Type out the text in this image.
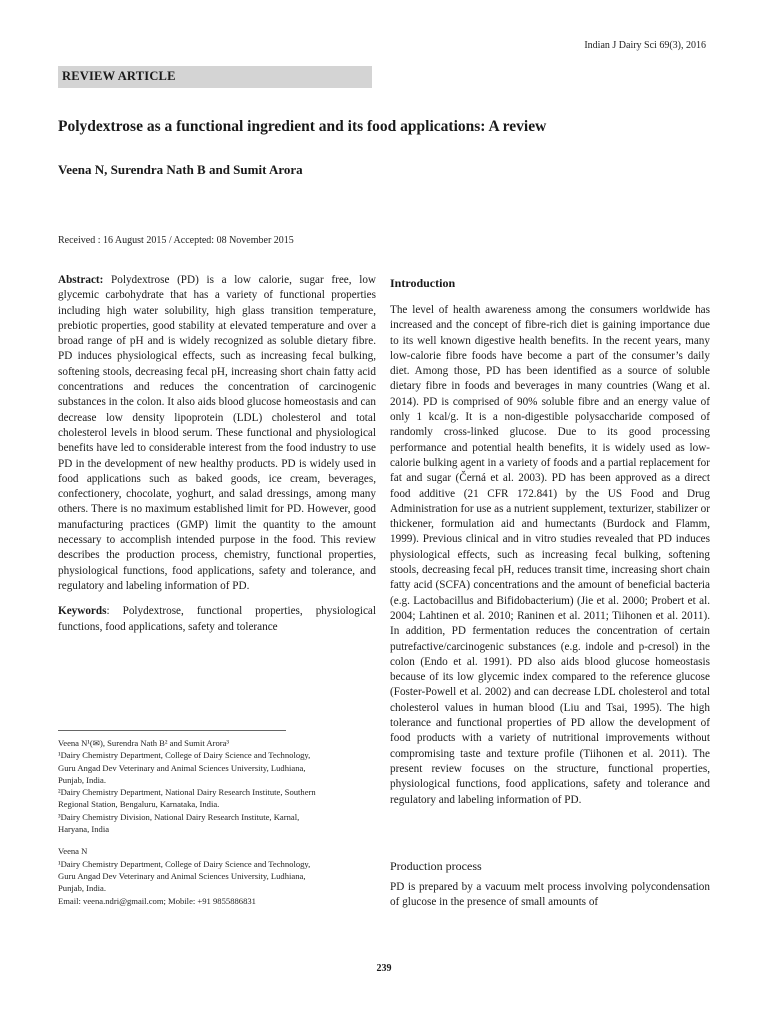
Indian J Dairy Sci 69(3), 2016
REVIEW ARTICLE
Polydextrose as a functional ingredient and its food applications: A review
Veena N, Surendra Nath B and Sumit Arora
Received : 16 August 2015 / Accepted: 08 November 2015
Abstract: Polydextrose (PD) is a low calorie, sugar free, low glycemic carbohydrate that has a variety of functional properties including high water solubility, high glass transition temperature, prebiotic properties, good stability at elevated temperature and over a broad range of pH and is widely recognized as soluble dietary fibre. PD induces physiological effects, such as increasing fecal bulking, softening stools, decreasing fecal pH, increasing short chain fatty acid concentrations and reduces the concentration of carcinogenic substances in the colon. It also aids blood glucose homeostasis and can decrease low density lipoprotein (LDL) cholesterol and total cholesterol levels in blood serum. These functional and physiological benefits have led to considerable interest from the food industry to use PD in the development of new healthy products. PD is widely used in food applications such as baked goods, ice cream, beverages, confectionery, chocolate, yoghurt, and salad dressings, among many others. There is no maximum established limit for PD. However, good manufacturing practices (GMP) limit the quantity to the amount necessary to accomplish intended purpose in the food. This review describes the production process, chemistry, functional properties, physiological functions, food applications, safety and tolerance, and regulatory and labeling information of PD.
Keywords: Polydextrose, functional properties, physiological functions, food applications, safety and tolerance
Veena N¹(✉), Surendra Nath B² and Sumit Arora³
¹Dairy Chemistry Department, College of Dairy Science and Technology,
Guru Angad Dev Veterinary and Animal Sciences University, Ludhiana,
Punjab, India.
²Dairy Chemistry Department, National Dairy Research Institute, Southern
Regional Station, Bengaluru, Karnataka, India.
³Dairy Chemistry Division, National Dairy Research Institute, Karnal,
Haryana, India
Veena N
¹Dairy Chemistry Department, College of Dairy Science and Technology,
Guru Angad Dev Veterinary and Animal Sciences University, Ludhiana,
Punjab, India.
Email: veena.ndri@gmail.com; Mobile: +91 9855886831
Introduction
The level of health awareness among the consumers worldwide has increased and the concept of fibre-rich diet is gaining importance due to its well known digestive health benefits. In the recent years, many low-calorie fibre foods have become a part of the consumer’s daily diet. Among those, PD has been identified as a source of soluble dietary fibre in foods and beverages in many countries (Wang et al. 2014). PD is comprised of 90% soluble fibre and an energy value of only 1 kcal/g. It is a non-digestible polysaccharide composed of randomly cross-linked glucose. Due to its good processing performance and potential health benefits, it is widely used as low-calorie bulking agent in a variety of foods and a partial replacement for fat and sugar (Černá et al. 2003). PD has been approved as a direct food additive (21 CFR 172.841) by the US Food and Drug Administration for use as a nutrient supplement, texturizer, stabilizer or thickener, formulation aid and humectants (Burdock and Flamm, 1999). Previous clinical and in vitro studies revealed that PD induces physiological effects, such as increasing fecal bulking, softening stools, decreasing fecal pH, reduces transit time, increasing short chain fatty acid (SCFA) concentrations and the amount of beneficial bacteria (e.g. Lactobacillus and Bifidobacterium) (Jie et al. 2000; Probert et al. 2004; Lahtinen et al. 2010; Raninen et al. 2011; Tiihonen et al. 2011). In addition, PD fermentation reduces the concentration of certain putrefactive/carcinogenic substances (e.g. indole and p-cresol) in the colon (Endo et al. 1991). PD also aids blood glucose homeostasis because of its low glycemic index compared to the reference glucose (Foster-Powell et al. 2002) and can decrease LDL cholesterol and total cholesterol values in human blood (Liu and Tsai, 1995). The high tolerance and functional properties of PD allow the development of food products with a variety of nutritional improvements without compromising taste and texture profile (Tiihonen et al. 2011). The present review focuses on the structure, functional properties, physiological functions, food applications, safety and tolerance and regulatory and labeling information of PD.
Production process
PD is prepared by a vacuum melt process involving polycondensation of glucose in the presence of small amounts of
239
